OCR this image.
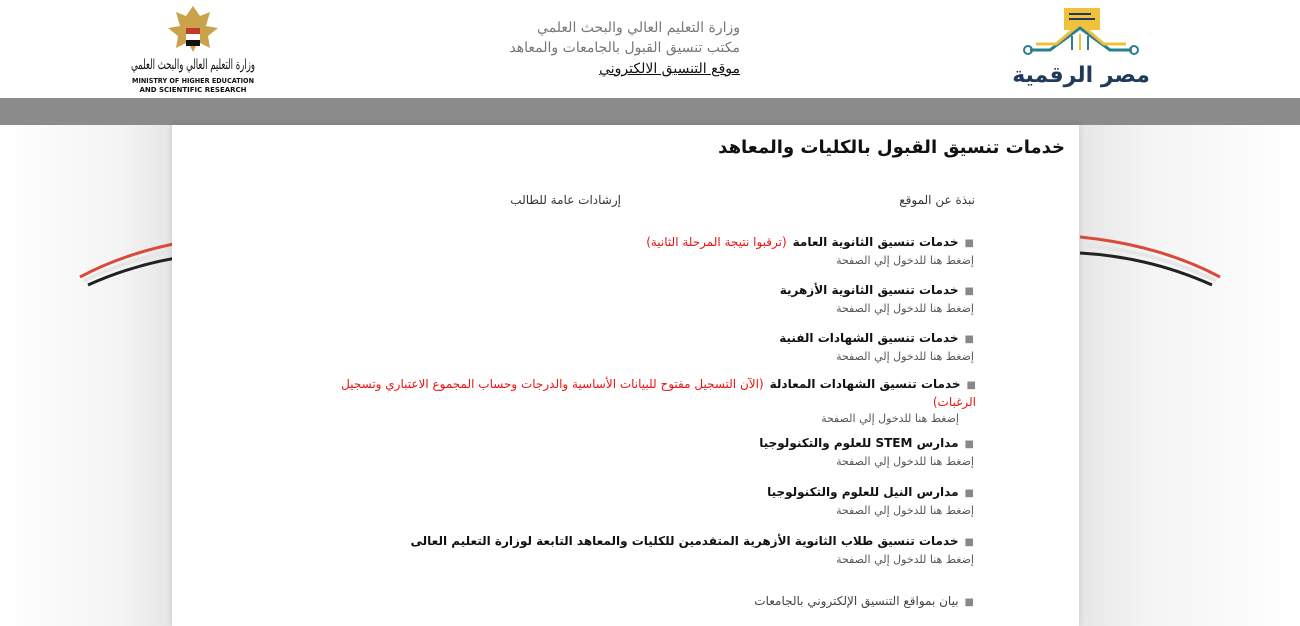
مصر الرقمية
وزارة التعليم العالي والبحث العلمي
مكتب تنسيق القبول بالجامعات والمعاهد
موقع التنسيق الالكتروني
وزارة التعليم العالي والبحث العلمي
MINISTRY OF HIGHER EDUCATION
AND SCIENTIFIC RESEARCH
خدمات تنسيق القبول بالكليات والمعاهد
نبذة عن الموقع
إرشادات عامة للطالب
■خدمات تنسيق الثانوية العامة(ترقبوا نتيجة المرحلة الثانية)
إضغط هنا للدخول إلي الصفحة
■خدمات تنسيق الثانوية الأزهرية
إضغط هنا للدخول إلي الصفحة
■خدمات تنسيق الشهادات الفنية
إضغط هنا للدخول إلي الصفحة
■خدمات تنسيق الشهادات المعادلة(الآن التسجيل مفتوح للبيانات الأساسية والدرجات وحساب المجموع الاعتباري وتسجيل الرغبات)
إضغط هنا للدخول إلي الصفحة
■مدارس STEM للعلوم والتكنولوجيا
إضغط هنا للدخول إلي الصفحة
■مدارس النيل للعلوم والتكنولوجيا
إضغط هنا للدخول إلي الصفحة
■خدمات تنسيق طلاب الثانوية الأزهرية المتقدمين للكليات والمعاهد التابعة لوزارة التعليم العالى
إضغط هنا للدخول إلي الصفحة
■بيان بمواقع التنسيق الإلكتروني بالجامعات
